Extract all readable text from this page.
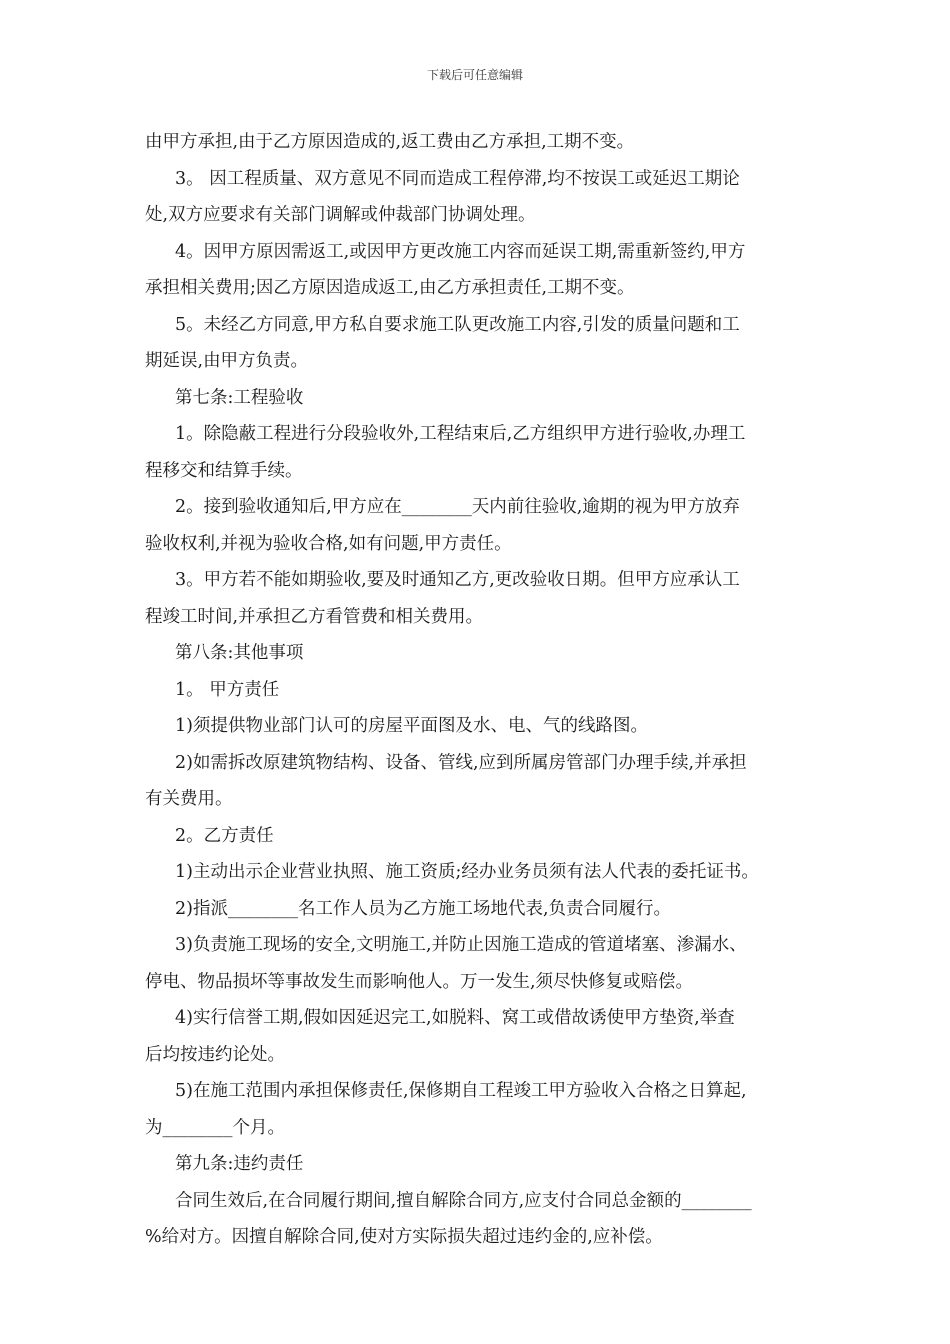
下载后可任意编辑
由甲方承担,由于乙方原因造成的,返工费由乙方承担,工期不变。
3。 因工程质量、双方意见不同而造成工程停滞,均不按误工或延迟工期论
处,双方应要求有关部门调解或仲裁部门协调处理。
4。因甲方原因需返工,或因甲方更改施工内容而延误工期,需重新签约,甲方
承担相关费用;因乙方原因造成返工,由乙方承担责任,工期不变。
5。未经乙方同意,甲方私自要求施工队更改施工内容,引发的质量问题和工
期延误,由甲方负责。
第七条:工程验收
1。除隐蔽工程进行分段验收外,工程结束后,乙方组织甲方进行验收,办理工
程移交和结算手续。
2。接到验收通知后,甲方应在________天内前往验收,逾期的视为甲方放弃
验收权利,并视为验收合格,如有问题,甲方责任。
3。甲方若不能如期验收,要及时通知乙方,更改验收日期。但甲方应承认工
程竣工时间,并承担乙方看管费和相关费用。
第八条:其他事项
1。 甲方责任
1)须提供物业部门认可的房屋平面图及水、电、气的线路图。
2)如需拆改原建筑物结构、设备、管线,应到所属房管部门办理手续,并承担
有关费用。
2。乙方责任
1)主动出示企业营业执照、施工资质;经办业务员须有法人代表的委托证书。
2)指派________名工作人员为乙方施工场地代表,负责合同履行。
3)负责施工现场的安全,文明施工,并防止因施工造成的管道堵塞、渗漏水、
停电、物品损坏等事故发生而影响他人。万一发生,须尽快修复或赔偿。
4)实行信誉工期,假如因延迟完工,如脱料、窝工或借故诱使甲方垫资,举查
后均按违约论处。
5)在施工范围内承担保修责任,保修期自工程竣工甲方验收入合格之日算起,
为________个月。
第九条:违约责任
合同生效后,在合同履行期间,擅自解除合同方,应支付合同总金额的________
%给对方。因擅自解除合同,使对方实际损失超过违约金的,应补偿。
